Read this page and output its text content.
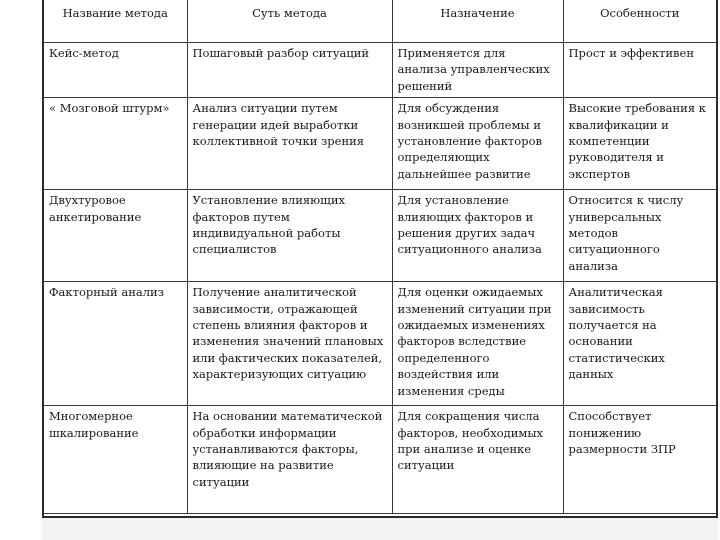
Название метода	Суть метода	Назначение	Особенности
Кейс-метод	Пошаговый разбор ситуаций	Применяется для анализа управленческих решений	Прост и эффективен
« Мозговой штурм»	Анализ ситуации путем генерации идей выработки коллективной точки зрения	Для обсуждения возникшей проблемы и установление факторов определяющих дальнейшее развитие	Высокие требования к квалификации и компетенции руководителя и экспертов
Двухтуровое анкетирование	Установление влияющих факторов путем индивидуальной работы специалистов	Для установление влияющих факторов и решения других задач ситуационного анализа	Относится к числу универсальных методов ситуационного анализа
Факторный анализ	Получение аналитической зависимости, отражающей степень влияния факторов и изменения значений плановых или фактических показателей, характеризующих ситуацию	Для оценки ожидаемых изменений ситуации при ожидаемых изменениях факторов вследствие определенного воздействия или изменения среды	Аналитическая зависимость получается на основании статистических данных
Многомерное шкалирование	На основании математической обработки информации устанавливаются факторы, влияющие на развитие ситуации	Для сокращения числа факторов, необходимых при анализе и оценке ситуации	Способствует понижению размерности ЗПР
